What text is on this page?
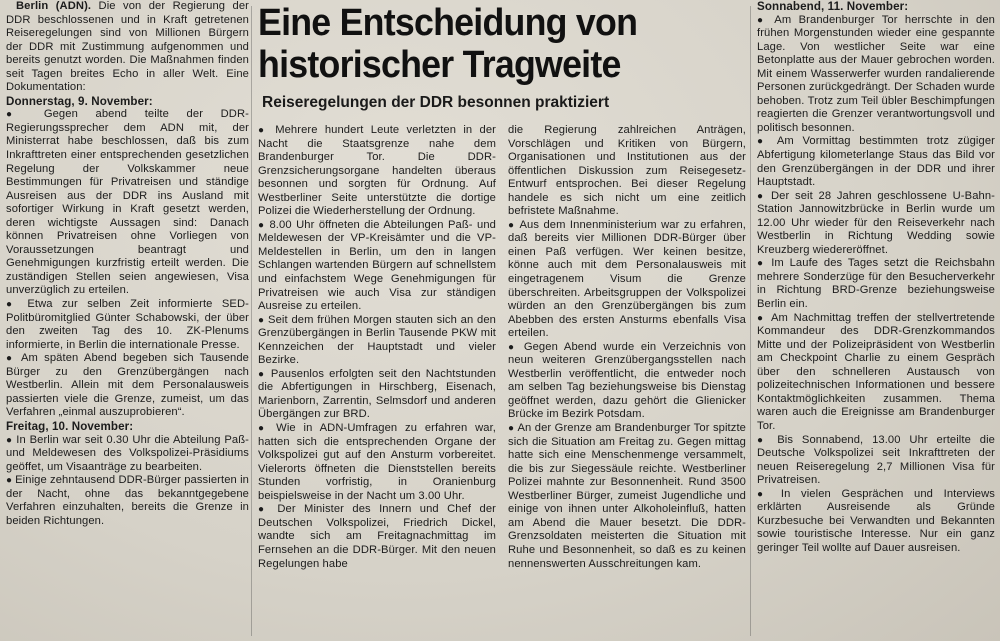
Eine Entscheidung von
historischer Tragweite
Reiseregelungen der DDR besonnen praktiziert

Berlin (ADN). Die von der Regierung der DDR beschlossenen und in Kraft getretenen Reiseregelungen sind von Millionen Bürgern der DDR mit Zustimmung aufgenommen und bereits genutzt worden. Die Maßnahmen finden seit Tagen breites Echo in aller Welt. Eine Dokumentation:

Donnerstag, 9. November:

● Gegen abend teilte der DDR-Regierungssprecher dem ADN mit, der Ministerrat habe beschlossen, daß bis zum Inkrafttreten einer entsprechenden gesetzlichen Regelung der Volkskammer neue Bestimmungen für Privatreisen und ständige Ausreisen aus der DDR ins Ausland mit sofortiger Wirkung in Kraft gesetzt werden, deren wichtigste Aussagen sind: Danach können Privatreisen ohne Vorliegen von Voraussetzungen beantragt und Genehmigungen kurzfristig erteilt werden. Die zuständigen Stellen seien angewiesen, Visa unverzüglich zu erteilen.

● Etwa zur selben Zeit informierte SED-Politbüromitglied Günter Schabowski, der über den zweiten Tag des 10. ZK-Plenums informierte, in Berlin die internationale Presse.

● Am späten Abend begeben sich Tausende Bürger zu den Grenzübergängen nach Westberlin. Allein mit dem Personalausweis passierten viele die Grenze, zumeist, um das Verfahren „einmal auszuprobieren“.

Freitag, 10. November:

● In Berlin war seit 0.30 Uhr die Abteilung Paß- und Meldewesen des Volkspolizei-Präsidiums geöffet, um Visaanträge zu bearbeiten.

● Einige zehntausend DDR-Bürger passierten in der Nacht, ohne das bekanntgegebene Verfahren einzuhalten, bereits die Grenze in beiden Richtungen.

● Mehrere hundert Leute verletzten in der Nacht die Staatsgrenze nahe dem Brandenburger Tor. Die DDR-Grenzsicherungsorgane handelten überaus besonnen und sorgten für Ordnung. Auf Westberliner Seite unterstützte die dortige Polizei die Wiederherstellung der Ordnung.

● 8.00 Uhr öffneten die Abteilungen Paß- und Meldewesen der VP-Kreisämter und die VP-Meldestellen in Berlin, um den in langen Schlangen wartenden Bürgern auf schnellstem und einfachstem Wege Genehmigungen für Privatreisen wie auch Visa zur ständigen Ausreise zu erteilen.

● Seit dem frühen Morgen stauten sich an den Grenzübergängen in Berlin Tausende PKW mit Kennzeichen der Hauptstadt und vieler Bezirke.

● Pausenlos erfolgten seit den Nachtstunden die Abfertigungen in Hirschberg, Eisenach, Marienborn, Zarrentin, Selmsdorf und anderen Übergängen zur BRD.

● Wie in ADN-Umfragen zu erfahren war, hatten sich die entsprechenden Organe der Volkspolizei gut auf den Ansturm vorbereitet. Vielerorts öffneten die Dienststellen bereits Stunden vorfristig, in Oranienburg beispielsweise in der Nacht um 3.00 Uhr.

● Der Minister des Innern und Chef der Deutschen Volkspolizei, Friedrich Dickel, wandte sich am Freitagnachmittag im Fernsehen an die DDR-Bürger. Mit den neuen Regelungen habe

die Regierung zahlreichen Anträgen, Vorschlägen und Kritiken von Bürgern, Organisationen und Institutionen aus der öffentlichen Diskussion zum Reisegesetz-Entwurf entsprochen. Bei dieser Regelung handele es sich nicht um eine zeitlich befristete Maßnahme.

● Aus dem Innenministerium war zu erfahren, daß bereits vier Millionen DDR-Bürger über einen Paß verfügen. Wer keinen besitze, könne auch mit dem Personalausweis mit eingetragenem Visum die Grenze überschreiten. Arbeitsgruppen der Volkspolizei würden an den Grenzübergängen bis zum Abebben des ersten Ansturms ebenfalls Visa erteilen.

● Gegen Abend wurde ein Verzeichnis von neun weiteren Grenzübergangsstellen nach Westberlin veröffentlicht, die entweder noch am selben Tag beziehungsweise bis Dienstag geöffnet werden, dazu gehört die Glienicker Brücke im Bezirk Potsdam.

● An der Grenze am Brandenburger Tor spitzte sich die Situation am Freitag zu. Gegen mittag hatte sich eine Menschenmenge versammelt, die bis zur Siegessäule reichte. Westberliner Polizei mahnte zur Besonnenheit. Rund 3500 Westberliner Bürger, zumeist Jugendliche und einige von ihnen unter Alkoholeinfluß, hatten am Abend die Mauer besetzt. Die DDR-Grenzsoldaten meisterten die Situation mit Ruhe und Besonnenheit, so daß es zu keinen nennenswerten Ausschreitungen kam.

Sonnabend, 11. November:

● Am Brandenburger Tor herrschte in den frühen Morgenstunden wieder eine gespannte Lage. Von westlicher Seite war eine Betonplatte aus der Mauer gebrochen worden. Mit einem Wasserwerfer wurden randalierende Personen zurückgedrängt. Der Schaden wurde behoben. Trotz zum Teil übler Beschimpfungen reagierten die Grenzer verantwortungsvoll und politisch besonnen.

● Am Vormittag bestimmten trotz zügiger Abfertigung kilometerlange Staus das Bild vor den Grenzübergängen in der DDR und ihrer Hauptstadt.

● Der seit 28 Jahren geschlossene U-Bahn-Station Jannowitzbrücke in Berlin wurde um 12.00 Uhr wieder für den Reiseverkehr nach Westberlin in Richtung Wedding sowie Kreuzberg wiedereröffnet.

● Im Laufe des Tages setzt die Reichsbahn mehrere Sonderzüge für den Besucherverkehr in Richtung BRD-Grenze beziehungsweise Berlin ein.

● Am Nachmittag treffen der stellvertretende Kommandeur des DDR-Grenzkommandos Mitte und der Polizeipräsident von Westberlin am Checkpoint Charlie zu einem Gespräch über den schnelleren Austausch von polizeitechnischen Informationen und bessere Kontaktmöglichkeiten zusammen. Thema waren auch die Ereignisse am Brandenburger Tor.

● Bis Sonnabend, 13.00 Uhr erteilte die Deutsche Volkspolizei seit Inkrafttreten der neuen Reiseregelung 2,7 Millionen Visa für Privatreisen.

● In vielen Gesprächen und Interviews erklärten Ausreisende als Gründe Kurzbesuche bei Verwandten und Bekannten sowie touristische Interesse. Nur ein ganz geringer Teil wollte auf Dauer ausreisen.
